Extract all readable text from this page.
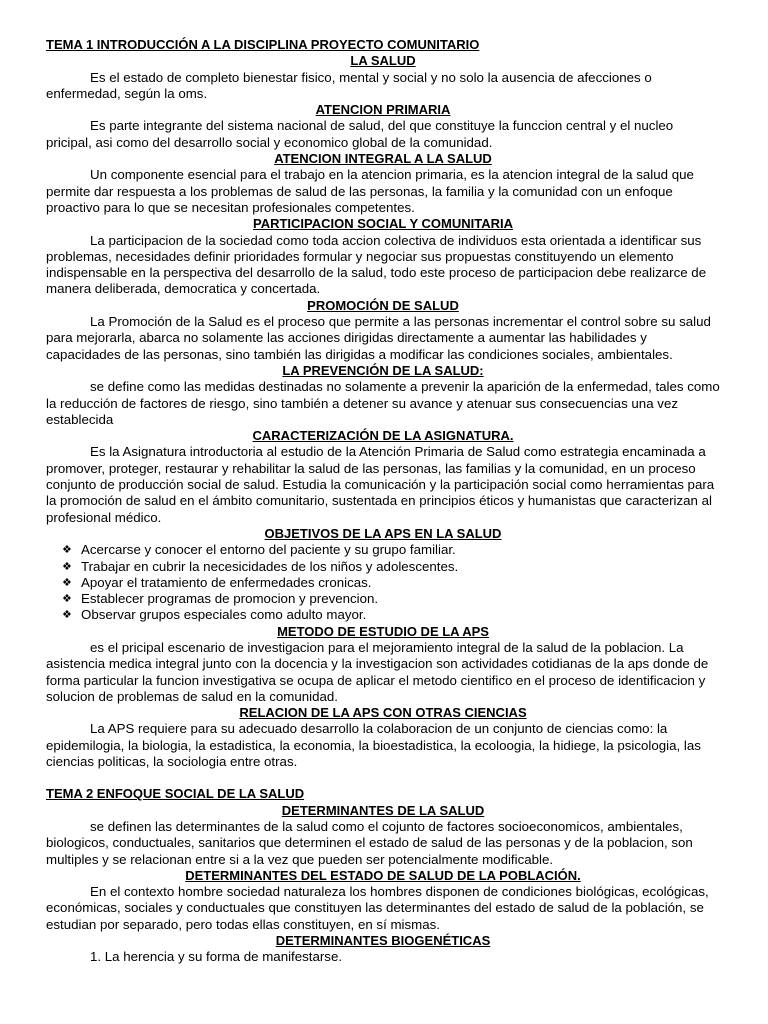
TEMA 1 INTRODUCCIÓN A LA DISCIPLINA PROYECTO COMUNITARIO
LA SALUD

Es el estado de completo bienestar fisico, mental y social y no solo la ausencia de afecciones o enfermedad, según la oms.

ATENCION PRIMARIA

Es parte integrante del sistema nacional de salud, del que constituye la funccion central y el nucleo pricipal, asi como del desarrollo social y economico global de la comunidad.

ATENCION INTEGRAL A LA SALUD

Un componente esencial para el trabajo en la atencion primaria, es la atencion integral de la salud que permite dar respuesta a los problemas de salud de las personas, la familia y la comunidad con un enfoque proactivo para lo que se necesitan profesionales competentes.

PARTICIPACION SOCIAL Y COMUNITARIA

La participacion de la sociedad como toda accion colectiva de individuos esta orientada a identificar sus problemas, necesidades definir prioridades formular y negociar sus propuestas constituyendo un elemento indispensable en la perspectiva del desarrollo de la salud, todo este proceso de participacion debe realizarce de manera deliberada, democratica y concertada.

PROMOCIÓN DE SALUD

La Promoción de la Salud es el proceso que permite a las personas incrementar el control sobre su salud para mejorarla, abarca no solamente las acciones dirigidas directamente a aumentar las habilidades y capacidades de las personas, sino también las dirigidas a modificar las condiciones sociales, ambientales.

LA PREVENCIÓN DE LA SALUD:

se define como las medidas destinadas no solamente a prevenir la aparición de la enfermedad, tales como la reducción de factores de riesgo, sino también a detener su avance y atenuar sus consecuencias una vez establecida

CARACTERIZACIÓN DE LA ASIGNATURA.

Es la Asignatura introductoria al estudio de la Atención Primaria de Salud como estrategia encaminada a promover, proteger, restaurar y rehabilitar la salud de las personas, las familias y la comunidad, en un proceso conjunto de producción social de salud. Estudia la comunicación y la participación social como herramientas para la promoción de salud en el ámbito comunitario, sustentada en principios éticos y humanistas que caracterizan al profesional médico.

OBJETIVOS DE LA APS EN LA SALUD
❖ Acercarse y conocer el entorno del paciente y su grupo familiar.
❖ Trabajar en cubrir la necesicidades de los niños y adolescentes.
❖ Apoyar el tratamiento de enfermedades cronicas.
❖ Establecer programas de promocion y prevencion.
❖ Observar grupos especiales como adulto mayor.
METODO DE ESTUDIO DE LA APS

es el pricipal escenario de investigacion para el mejoramiento integral de la salud de la poblacion. La asistencia medica integral junto con la docencia y la investigacion son actividades cotidianas de la aps donde de forma particular la funcion investigativa se ocupa de aplicar el metodo cientifico en el proceso de identificacion y solucion de problemas de salud en la comunidad.

RELACION DE LA APS CON OTRAS CIENCIAS

La APS requiere para su adecuado desarrollo la colaboracion de un conjunto de ciencias como: la epidemilogia, la biologia, la estadistica, la economia, la bioestadistica, la ecoloogia, la hidiege, la psicologia, las ciencias politicas, la sociologia entre otras.

TEMA 2 ENFOQUE SOCIAL DE LA SALUD
DETERMINANTES DE LA SALUD

se definen las determinantes de la salud como el cojunto de factores socioeconomicos, ambientales, biologicos, conductuales, sanitarios que determinen el estado de salud de las personas y de la poblacion, son multiples y se relacionan entre si a la vez que pueden ser potencialmente modificable.

DETERMINANTES DEL ESTADO DE SALUD DE LA POBLACIÓN.

En el contexto hombre sociedad naturaleza los hombres disponen de condiciones biológicas, ecológicas, económicas, sociales y conductuales que constituyen las determinantes del estado de salud de la población, se estudian por separado, pero todas ellas constituyen, en sí mismas.

DETERMINANTES BIOGENÉTICAS

1. La herencia y su forma de manifestarse.
